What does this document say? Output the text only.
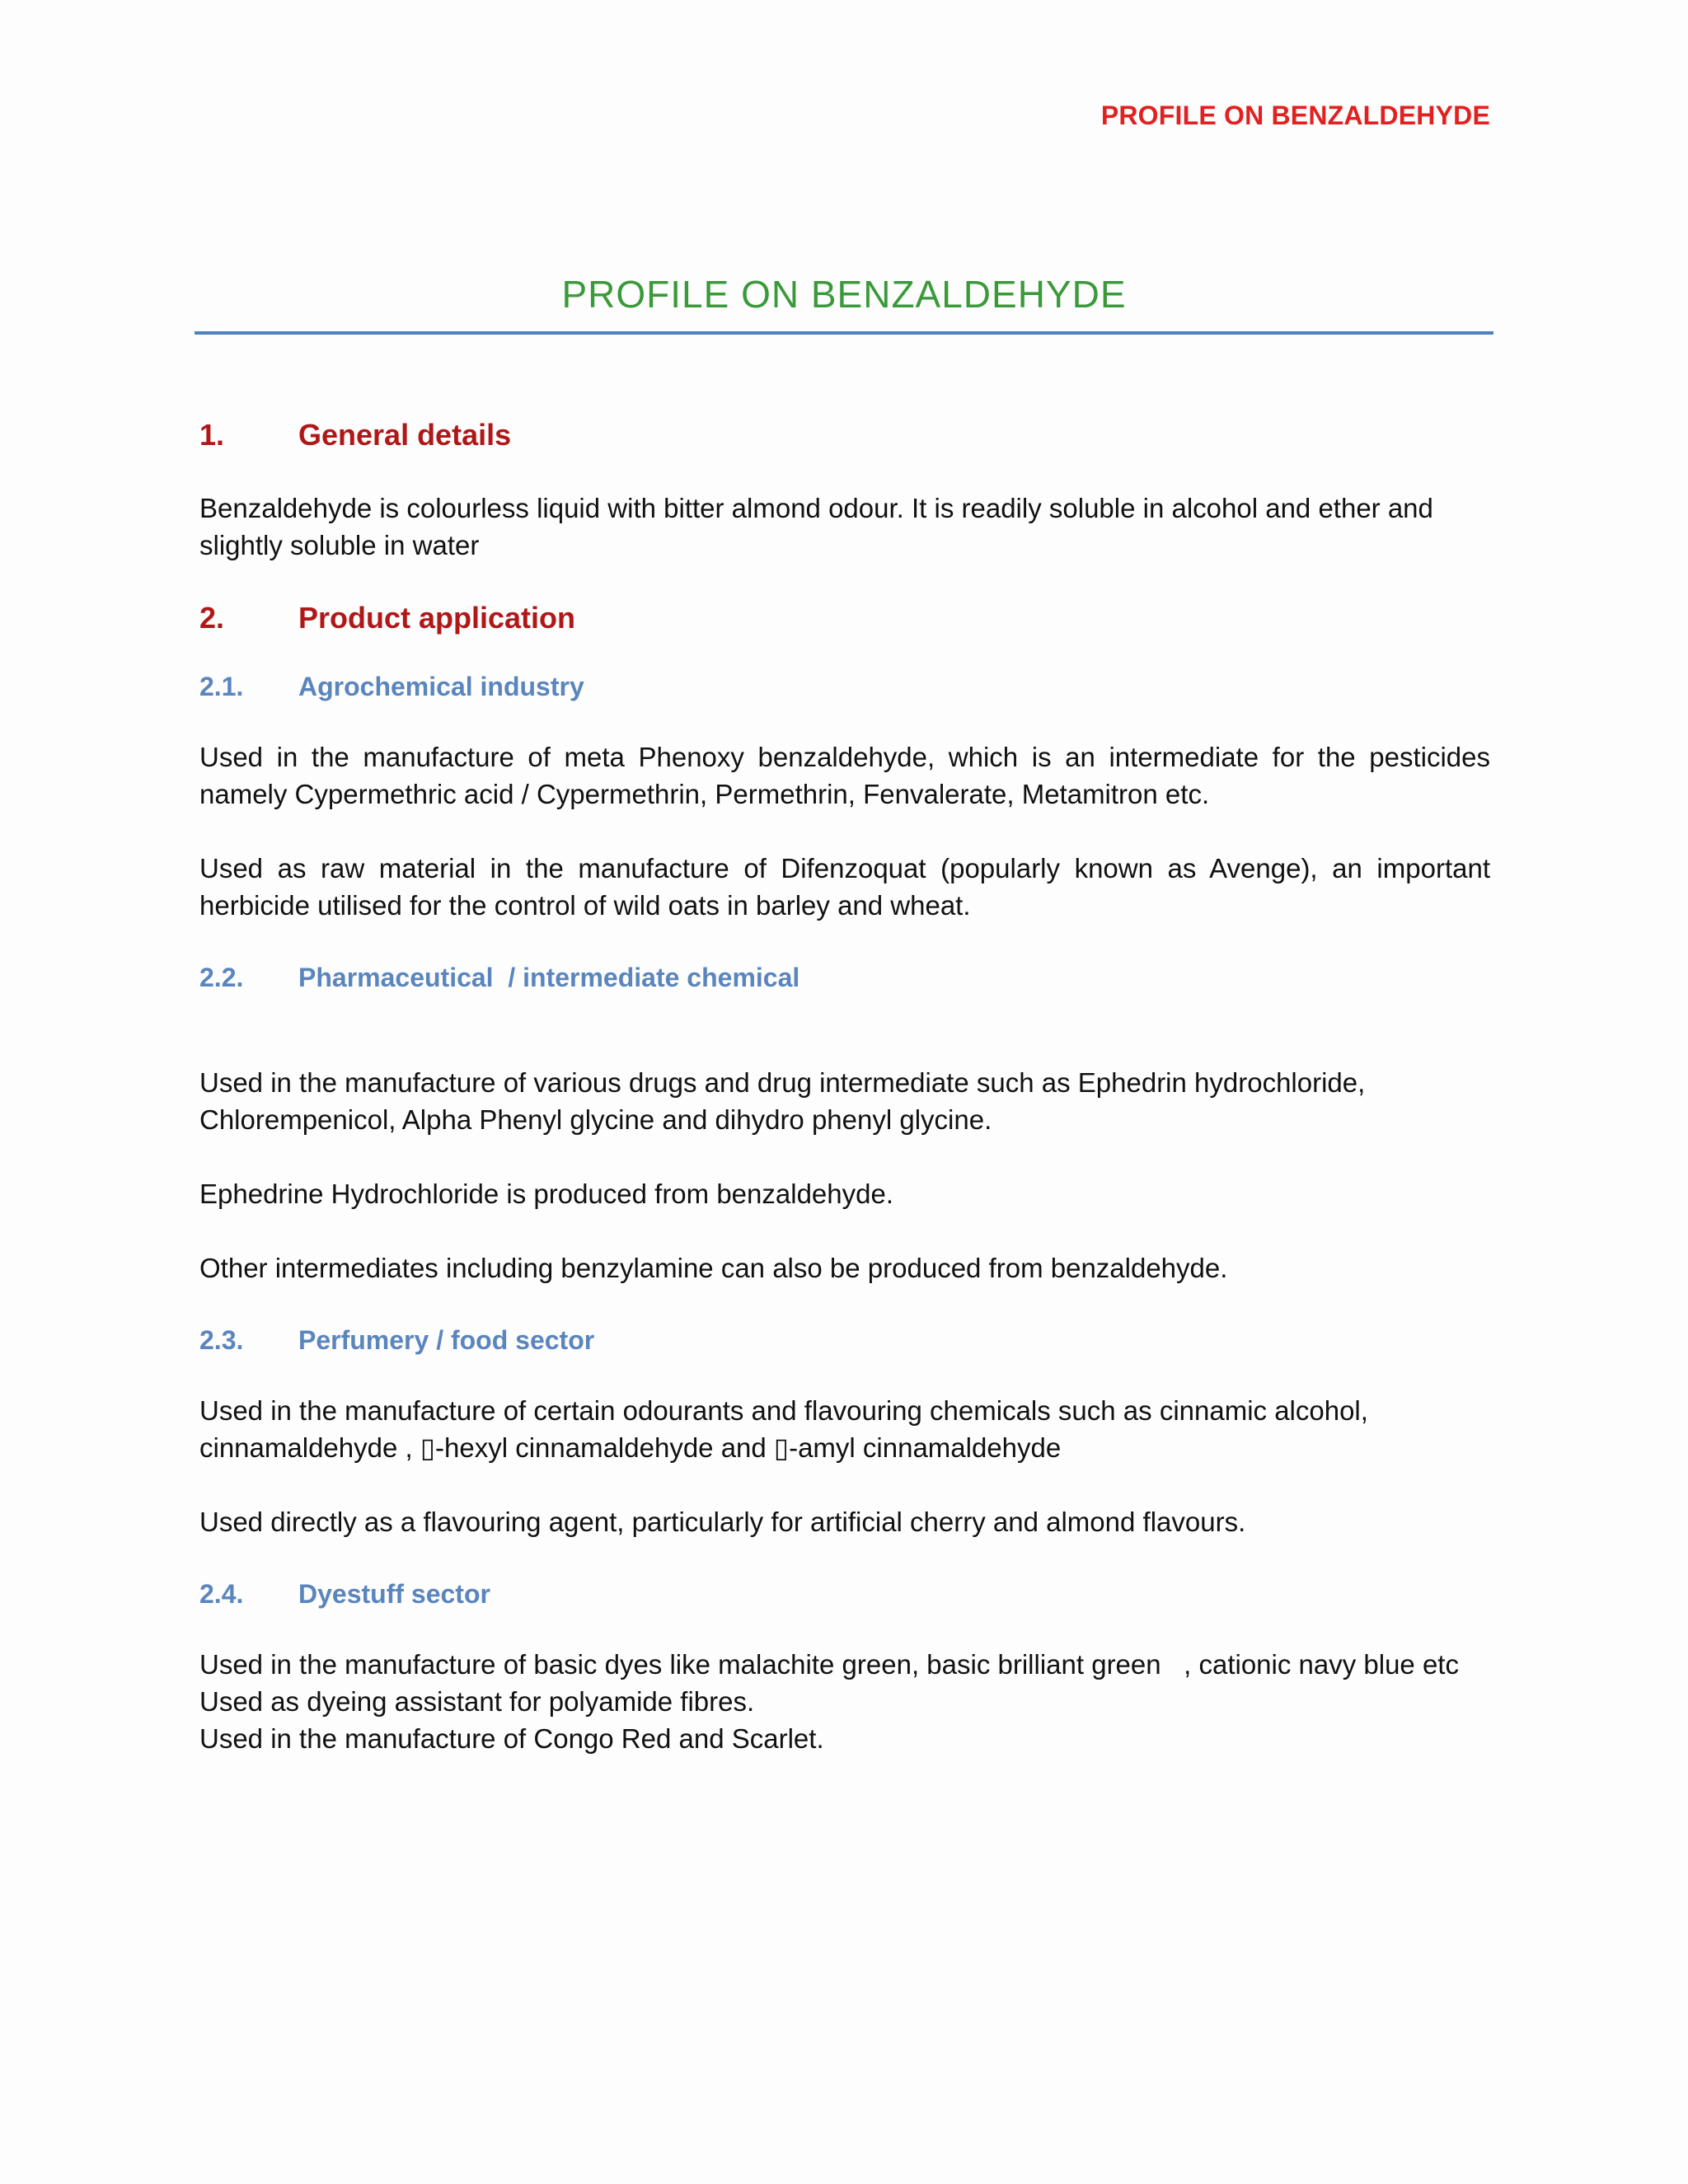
PROFILE ON BENZALDEHYDE
PROFILE ON BENZALDEHYDE
1.	General details

Benzaldehyde is colourless liquid with bitter almond odour. It is readily soluble in alcohol and ether and slightly soluble in water

2.	Product application
2.1.	Agrochemical industry

Used in the manufacture of meta Phenoxy benzaldehyde, which is an intermediate for the pesticides namely Cypermethric acid / Cypermethrin, Permethrin, Fenvalerate, Metamitron etc.

Used as raw material in the manufacture of Difenzoquat (popularly known as Avenge), an important herbicide utilised for the control of wild oats in barley and wheat.

2.2.	Pharmaceutical  / intermediate chemical

Used in the manufacture of various drugs and drug intermediate such as Ephedrin hydrochloride,
Chlorempenicol, Alpha Phenyl glycine and dihydro phenyl glycine.

Ephedrine Hydrochloride is produced from benzaldehyde.

Other intermediates including benzylamine can also be produced from benzaldehyde.

2.3.	Perfumery / food sector

Used in the manufacture of certain odourants and flavouring chemicals such as cinnamic alcohol,
cinnamaldehyde , ▯-hexyl cinnamaldehyde and ▯-amyl cinnamaldehyde

Used directly as a flavouring agent, particularly for artificial cherry and almond flavours.

2.4.	Dyestuff sector

Used in the manufacture of basic dyes like malachite green, basic brilliant green   , cationic navy blue etc
Used as dyeing assistant for polyamide fibres.
Used in the manufacture of Congo Red and Scarlet.
